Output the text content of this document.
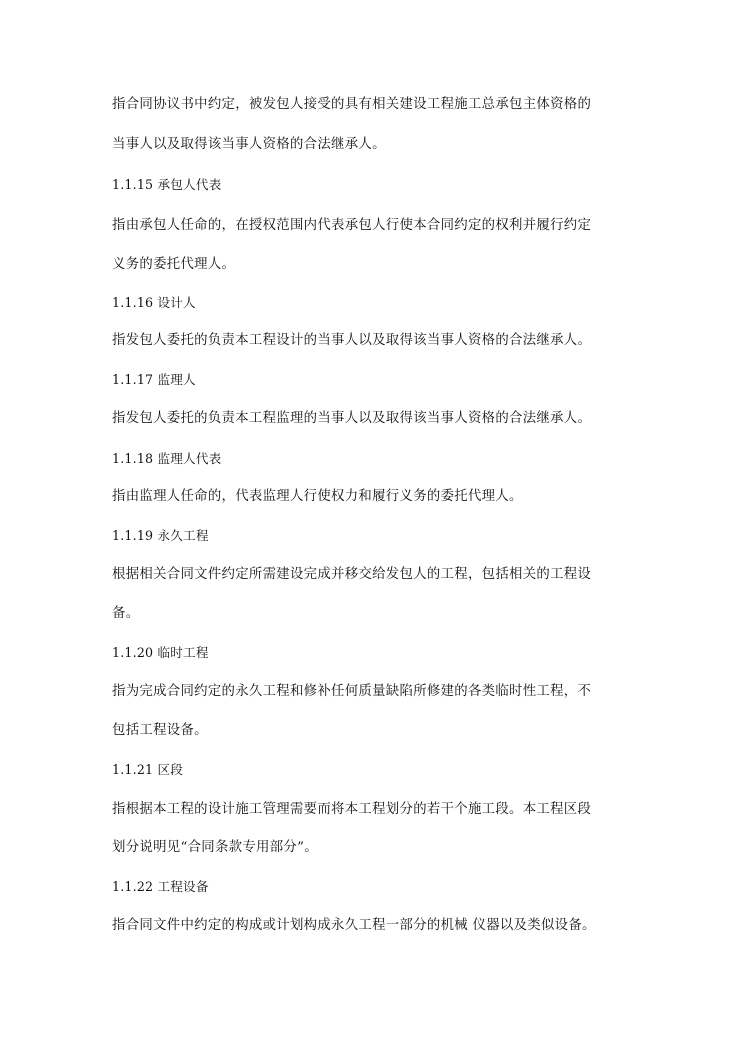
指合同协议书中约定，被发包人接受的具有相关建设工程施工总承包主体资格的
当事人以及取得该当事人资格的合法继承人。
1.1.15 承包人代表
指由承包人任命的，在授权范围内代表承包人行使本合同约定的权利并履行约定
义务的委托代理人。
1.1.16 设计人
指发包人委托的负责本工程设计的当事人以及取得该当事人资格的合法继承人。
1.1.17 监理人
指发包人委托的负责本工程监理的当事人以及取得该当事人资格的合法继承人。
1.1.18 监理人代表
指由监理人任命的，代表监理人行使权力和履行义务的委托代理人。
1.1.19 永久工程
根据相关合同文件约定所需建设完成并移交给发包人的工程，包括相关的工程设
备。
1.1.20 临时工程
指为完成合同约定的永久工程和修补任何质量缺陷所修建的各类临时性工程，不
包括工程设备。
1.1.21 区段
指根据本工程的设计施工管理需要而将本工程划分的若干个施工段。本工程区段
划分说明见“合同条款专用部分”。
1.1.22 工程设备
指合同文件中约定的构成或计划构成永久工程一部分的机械 仪器以及类似设备。
